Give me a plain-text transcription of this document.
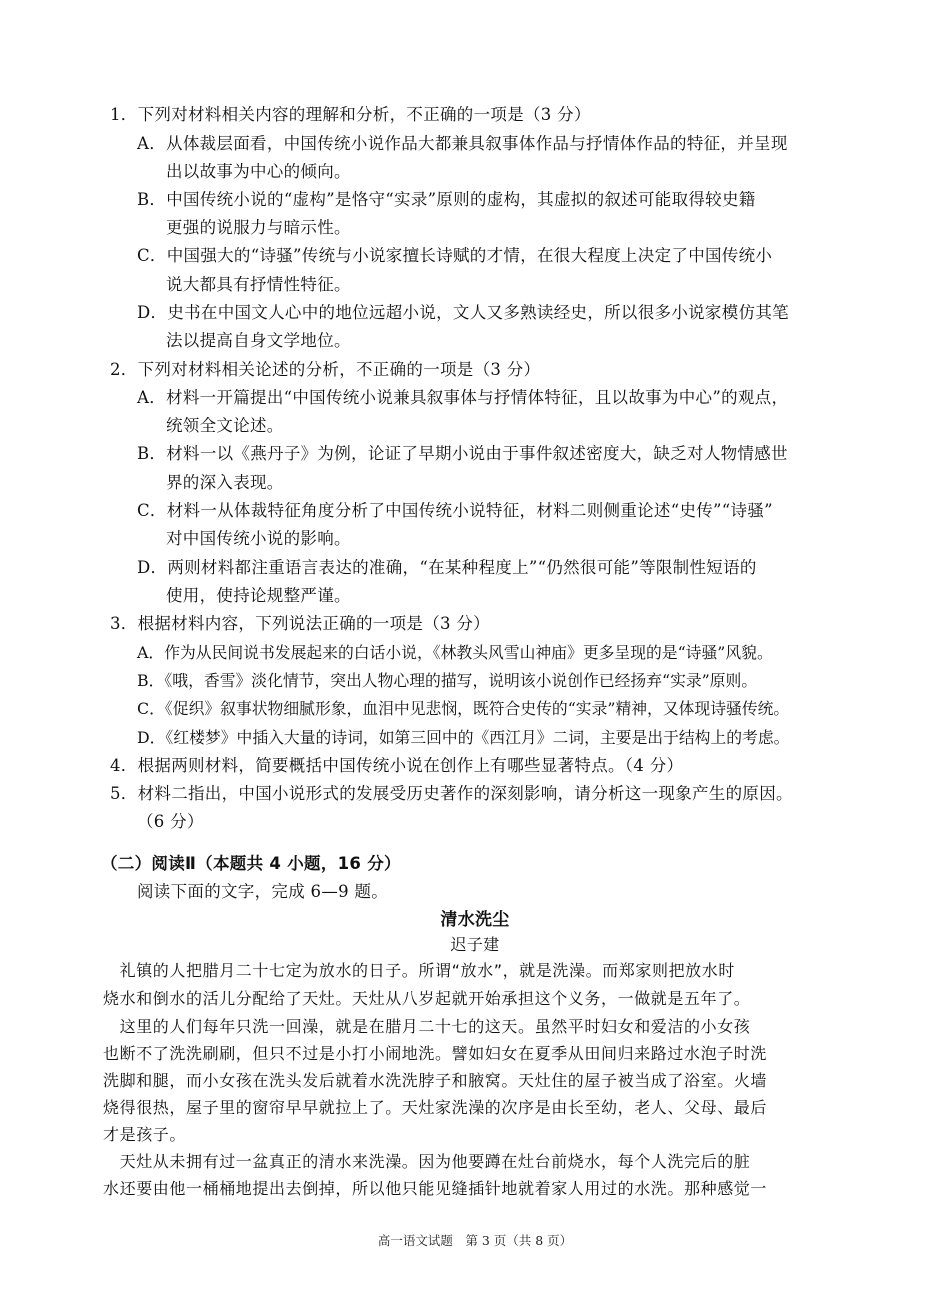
1．下列对材料相关内容的理解和分析，不正确的一项是（3 分）
A．从体裁层面看，中国传统小说作品大都兼具叙事体作品与抒情体作品的特征，并呈现
出以故事为中心的倾向。
B．中国传统小说的“虚构”是恪守“实录”原则的虚构，其虚拟的叙述可能取得较史籍
更强的说服力与暗示性。
C．中国强大的“诗骚”传统与小说家擅长诗赋的才情，在很大程度上决定了中国传统小
说大都具有抒情性特征。
D．史书在中国文人心中的地位远超小说，文人又多熟读经史，所以很多小说家模仿其笔
法以提高自身文学地位。
2．下列对材料相关论述的分析，不正确的一项是（3 分）
A．材料一开篇提出“中国传统小说兼具叙事体与抒情体特征，且以故事为中心”的观点，
统领全文论述。
B．材料一以《燕丹子》为例，论证了早期小说由于事件叙述密度大，缺乏对人物情感世
界的深入表现。
C．材料一从体裁特征角度分析了中国传统小说特征，材料二则侧重论述“史传”“诗骚”
对中国传统小说的影响。
D．两则材料都注重语言表达的准确，“在某种程度上”“仍然很可能”等限制性短语的
使用，使持论规整严谨。
3．根据材料内容，下列说法正确的一项是（3 分）
A．作为从民间说书发展起来的白话小说，《林教头风雪山神庙》更多呈现的是“诗骚”风貌。
B．《哦，香雪》淡化情节，突出人物心理的描写，说明该小说创作已经扬弃“实录”原则。
C．《促织》叙事状物细腻形象，血泪中见悲悯，既符合史传的“实录”精神，又体现诗骚传统。
D．《红楼梦》中插入大量的诗词，如第三回中的《西江月》二词，主要是出于结构上的考虑。
4．根据两则材料，简要概括中国传统小说在创作上有哪些显著特点。（4 分）
5．材料二指出，中国小说形式的发展受历史著作的深刻影响，请分析这一现象产生的原因。
（6 分）
（二）阅读Ⅱ（本题共 4 小题，16 分）
阅读下面的文字，完成 6—9 题。
清水洗尘
迟子建
　礼镇的人把腊月二十七定为放水的日子。所谓“放水”，就是洗澡。而郑家则把放水时
烧水和倒水的活儿分配给了天灶。天灶从八岁起就开始承担这个义务，一做就是五年了。
　这里的人们每年只洗一回澡，就是在腊月二十七的这天。虽然平时妇女和爱洁的小女孩
也断不了洗洗刷刷，但只不过是小打小闹地洗。譬如妇女在夏季从田间归来路过水泡子时洗
洗脚和腿，而小女孩在洗头发后就着水洗洗脖子和腋窝。天灶住的屋子被当成了浴室。火墙
烧得很热，屋子里的窗帘早早就拉上了。天灶家洗澡的次序是由长至幼，老人、父母、最后
才是孩子。
　天灶从未拥有过一盆真正的清水来洗澡。因为他要蹲在灶台前烧水，每个人洗完后的脏
水还要由他一桶桶地提出去倒掉，所以他只能见缝插针地就着家人用过的水洗。那种感觉一
高一语文试题　第 3 页（共 8 页）
